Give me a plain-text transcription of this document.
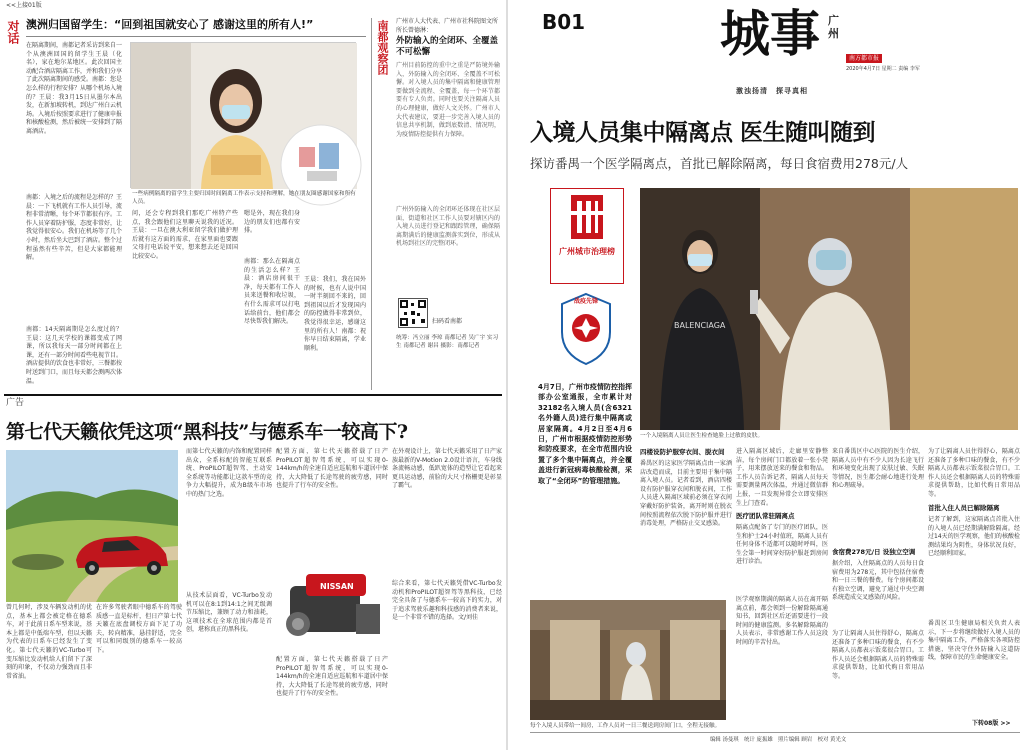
<<上接01版
对话 澳洲归国留学生：“回到祖国就安心了 感谢这里的所有人!”
在隔离期间，南都记者采访到来自一个从澳洲回国的留学生王晨（化名），家在地尔某地区。此次回国主动配合酒店隔离工作，并和我们分享了此次隔离期间的感受。南都：您是怎么样的行程安排？从哪个机场入境的？王晨：我3月15日从墨尔本出发，在新加坡转机，到达广州白云机场。入境后按照要求进行了健康申报和核酸检测，然后被统一安排到了隔离酒店。
南都：入境之后的流程是怎样的？王晨：一下飞机就有工作人员引导，流程非常清晰，每个环节都很有序。工作人员穿着防护服，态度非常好，让我觉得很安心。我们在机场等了几个小时，然后坐大巴到了酒店。整个过程虽然有些辛苦，但是大家都能理解。
南都：14天隔离期是怎么度过的？王晨：这几天学校的课都变成了网课，所以我每天一部分时间都在上课，还有一部分时间看些电视节目。酒店提供的饮食也非常好，三餐都按时送到门口，而且每天都会测两次体温。
一些病例隔离的留学生主要归国时间隔离工作表示支持和理解，她在朋友圈感谢国家和所有人员。
问，还会专程到我们那吃广州特产些点，我会跟他们这里聊天说我的近况。王晨：一旦在澳大利亚留学我们做护理后就有这方面的需求，在家里面也要跟父母打电话说平安，想来想去还是回国比较安心。
嗯是外，现在我们身边的朋友们也都有安排。
南都：那么在隔离点的生活怎么样？王晨：酒店房间很干净，每天都有工作人员来送餐和收垃圾，有什么需求可以打电话给前台，他们都会尽快帮我们解决。
王晨：我们，我在国外的时候，也有人说中国一时半刻回不来的，回到祖国以后才发现国内的防控做得非常到位，我觉得很幸运，感谢这里的所有人！南都：祝你早日结束隔离，学业顺利。
南都观察团 广州市人大代表、广州市社科院图文所所长曾德淋：
外防输入的全闭环、全覆盖不可松懈
广州目前防控的重中之重是严防境外输入，外防输入的全闭环、全覆盖不可松懈。对入境人员的集中隔离和健康管理要做到全流程、全覆盖，每一个环节都要有专人负责。同时也要关注隔离人员的心理健康，做好人文关怀。广州市人大代表建议，要进一步完善入境人员的信息共享机制，做到底数清、情况明，为疫情防控提供有力保障。
广州外防输入的全闭环还体现在社区层面，街道和社区工作人员要对辖区内的入境人员进行登记和跟踪管理，确保隔离期满后的健康监测落实到位，形成从机场到社区的完整闭环。
扫码看南都
统筹：冯立丽 李琼 南都记者 吴广宇 实习生 南都记者 谢昌 摄影：南都记者
广告
第七代天籁依凭这项“黑科技”与德系车一较高下?
曾几何时，涉及车辆发动机的优点，基本上都会被定格在德系车，对于此前日系车型来说，基本上都是中低端车型，但以天籁为代表的日系车已经发生了变化。第七代天籁的VC-Turbo可变压缩比发动机给人们留下了深刻的印象，不仅动力强劲而且非常省油。
在许多驾驶者眼中德系车的驾驶质感一直是标杆，但日产第七代天籁在底盘调校方面下足了功夫，转向精准，悬挂舒适，完全可以和同级别的德系车一较高下。
而第七代天籁的内饰和配置同样出众，全系标配的智能互联系统、ProPILOT超智驾、主动安全系统等功能都让这款车型的竞争力大幅提升，成为B级车市场中的热门之选。
从技术层面看，VC-Turbo发动机可以在8:1到14:1之间无级调节压缩比，兼顾了动力和油耗，这项技术在全球范围内都是首创，堪称真正的黑科技。
配置方面，第七代天籁搭载了日产ProPILOT超智驾系统，可以实现0-144km/h的全速自适应巡航和车道居中保持，大大降低了长途驾驶的疲劳感，同时也提升了行车的安全性。
在外观设计上，第七代天籁采用了日产家族最新的V-Motion 2.0设计语言，车身线条流畅动感，低趴宽体的造型让它看起来更具运动感，前脸的大尺寸格栅更是彰显了霸气。
综合来看，第七代天籁凭借VC-Turbo发动机和ProPILOT超智驾等黑科技，已经完全具备了与德系车一较高下的实力，对于追求驾驶乐趣和科技感的消费者来说，是一个非常不错的选择。文/刘佳
NISSAN
配置方面，第七代天籁搭载了日产ProPILOT超智驾系统，可以实现0-144km/h的全速自适应巡航和车道居中保持，大大降低了长途驾驶的疲劳感，同时也提升了行车的安全性。
B01	城事 广州
南方都市报
2020年4月7日 星期二 责编 李军
激浊扬清　探寻真相
入境人员集中隔离点 医生随叫随到
探访番禺一个医学隔离点，首批已解除隔离，每日食宿费用278元/人
广州城市治理榜
战疫先锋
4月7日，广州市疫情防控指挥部办公室通报，全市累计对32182名入境人员(含6321名外籍人员)进行集中隔离或居家隔离。4月2日至4月6日，广州市根据疫情防控形势和防疫要求，在全市范围内设置了多个集中隔离点，并全覆盖进行新冠病毒核酸检测，采取了“全闭环”的管理措施。
BALENCIAGA
一个入境隔离人员让医生检查她脸上过敏的皮肤。
四楼设防护服穿衣间、脱衣间
番禺区的这家医学隔离点由一家酒店改造而成，目前主要用于集中隔离入境人员。记者看到，酒店四楼设有防护服穿衣间和脱衣间，工作人员进入隔离区域前必须在穿衣间穿戴好防护装备，离开时则在脱衣间按照流程依次脱下防护服并进行消毒处理，严格防止交叉感染。
进入隔离区域后，走廊里安静整洁，每个房间门口都放着一张小凳子，用来摆放送来的餐食和物品。工作人员告诉记者，隔离人员每天需要测量两次体温，并通过微信群上报，一旦发现异常会立即安排医生上门查看。
医疗团队常驻隔离点
隔离点配备了专门的医疗团队，医生和护士24小时值班，隔离人员有任何身体不适都可以随时呼叫，医生会第一时间穿好防护服赶到房间进行诊治。
来自番禺区中心医院的医生介绍，隔离人员中有不少人因为长途飞行和环境变化出现了皮肤过敏、失眠等情况，医生都会耐心地进行处理和心理疏导。
食宿费278元/日 设独立空调
据介绍，入住隔离点的人员每日食宿费用为278元，其中包括住宿费和一日三餐的餐费。每个房间都设有独立空调，避免了通过中央空调系统造成交叉感染的风险。
为了让隔离人员住得舒心，隔离点还准备了多种口味的餐食，有不少隔离人员都表示饭菜很合胃口。工作人员还会根据隔离人员的特殊需求提供帮助，比如代购日常用品等。
首批入住人员已解除隔离
记者了解到，这家隔离点首批入住的入境人员已经期满解除隔离。经过14天的医学观察，他们的核酸检测结果均为阴性，身体状况良好，已经顺利回家。
番禺区卫生健康局相关负责人表示，下一步将继续做好入境人员的集中隔离工作，严格落实各项防控措施，坚决守住外防输入这道防线，保障市民的生命健康安全。
每个入境人员带给一间房，工作人员对一日三餐送到房间门口，全程无接触。
医学观察期满的隔离人员在离开隔离点前，都会领到一份解除隔离通知书，回到社区后还需要进行一段时间的健康监测。多名解除隔离的人员表示，非常感谢工作人员这段时间的辛苦付出。
为了让隔离人员住得舒心，隔离点还准备了多种口味的餐食，有不少隔离人员都表示饭菜很合胃口。工作人员还会根据隔离人员的特殊需求提供帮助，比如代购日常用品等。
下转08版 >>
编辑 汤曼琪　统计 庞振雄　照片编辑 顾岩　校对 黄光文
